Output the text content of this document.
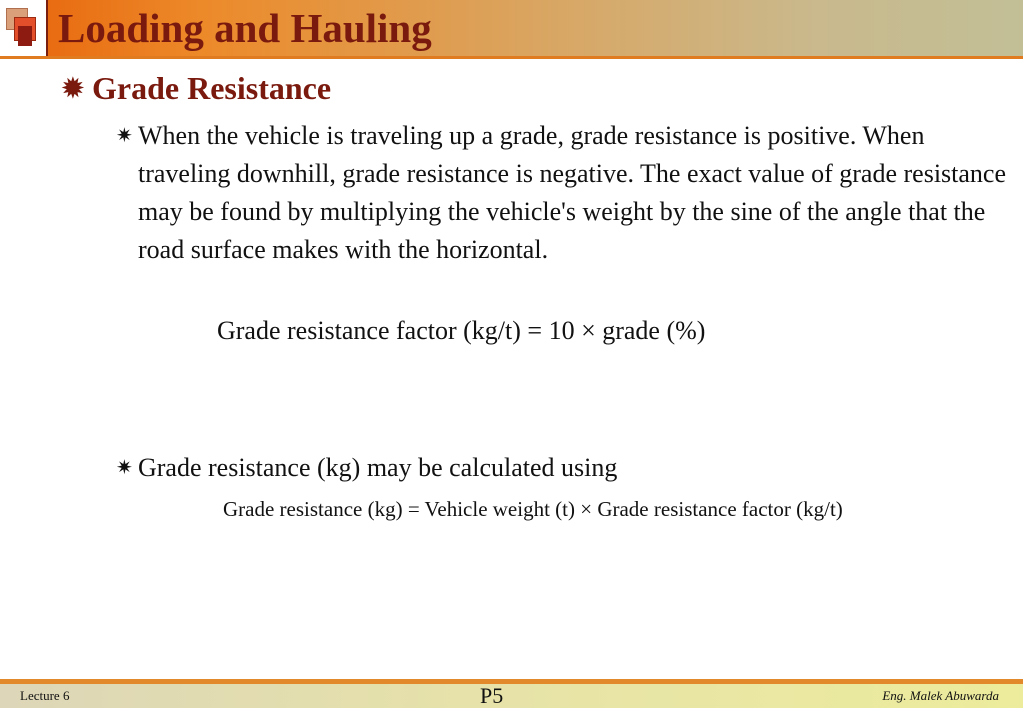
Loading and Hauling
✹ Grade Resistance
✷ When the vehicle is traveling up a grade, grade resistance is positive. When traveling downhill, grade resistance is negative. The exact value of grade resistance may be found by multiplying the vehicle's weight by the sine of the angle that the road surface makes with the horizontal.
Grade resistance factor (kg/t) = 10 × grade (%)
✷ Grade resistance (kg) may be calculated using
Grade resistance (kg) = Vehicle weight (t) × Grade resistance factor (kg/t)
Lecture 6	P5	Eng. Malek Abuwarda
